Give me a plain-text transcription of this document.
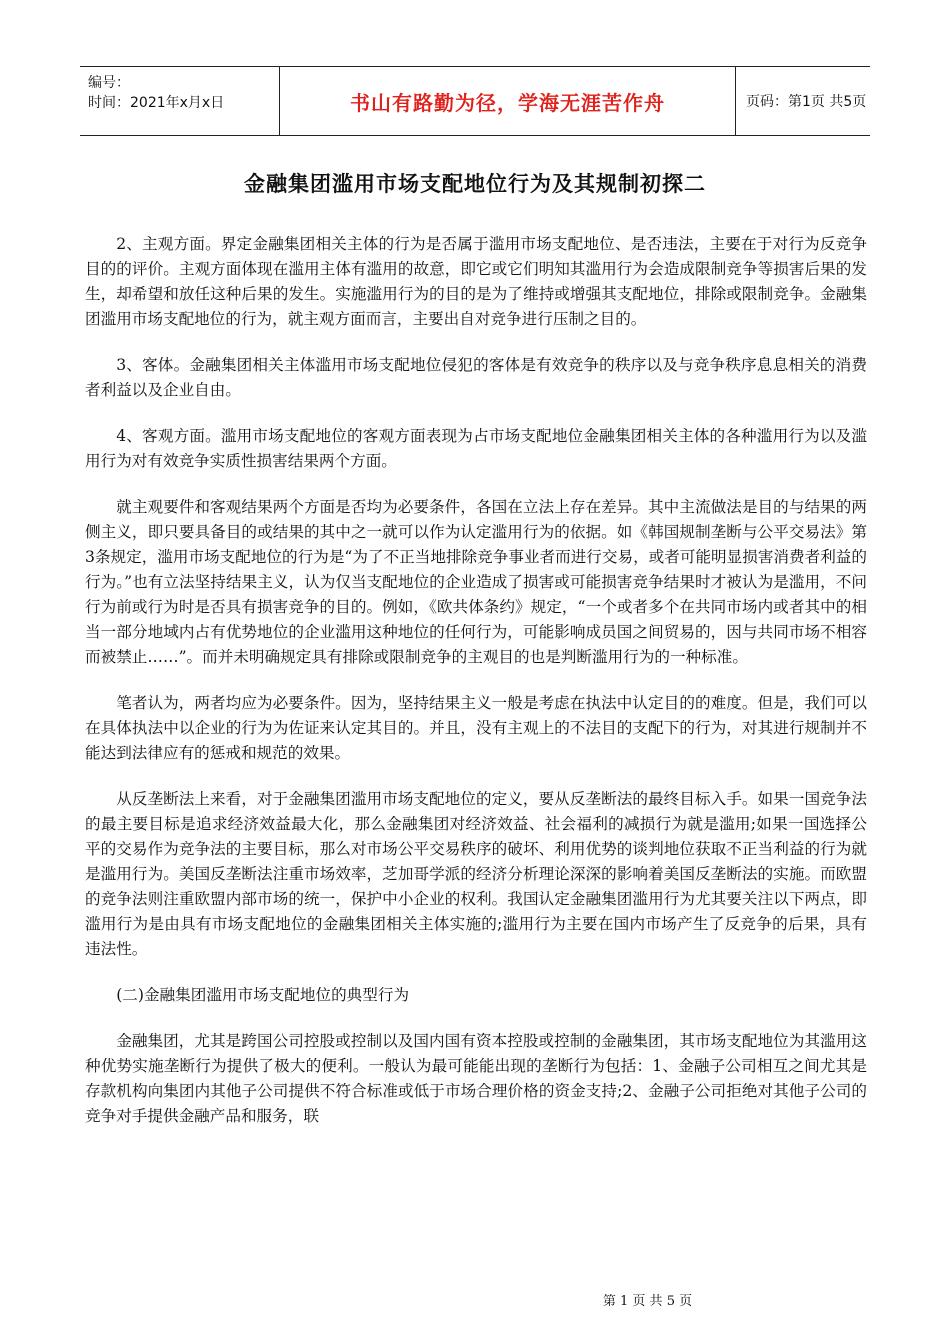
编号：
时间：2021年x月x日	书山有路勤为径，学海无涯苦作舟	页码：第1页 共5页
金融集团滥用市场支配地位行为及其规制初探二

2、主观方面。界定金融集团相关主体的行为是否属于滥用市场支配地位、是否违法，主要在于对行为反竞争目的的评价。主观方面体现在滥用主体有滥用的故意，即它或它们明知其滥用行为会造成限制竞争等损害后果的发生，却希望和放任这种后果的发生。实施滥用行为的目的是为了维持或增强其支配地位，排除或限制竞争。金融集团滥用市场支配地位的行为，就主观方面而言，主要出自对竞争进行压制之目的。

3、客体。金融集团相关主体滥用市场支配地位侵犯的客体是有效竞争的秩序以及与竞争秩序息息相关的消费者利益以及企业自由。

4、客观方面。滥用市场支配地位的客观方面表现为占市场支配地位金融集团相关主体的各种滥用行为以及滥用行为对有效竞争实质性损害结果两个方面。

就主观要件和客观结果两个方面是否均为必要条件，各国在立法上存在差异。其中主流做法是目的与结果的两侧主义，即只要具备目的或结果的其中之一就可以作为认定滥用行为的依据。如《韩国规制垄断与公平交易法》第3条规定，滥用市场支配地位的行为是“为了不正当地排除竞争事业者而进行交易，或者可能明显损害消费者利益的行为。”也有立法坚持结果主义，认为仅当支配地位的企业造成了损害或可能损害竞争结果时才被认为是滥用，不问行为前或行为时是否具有损害竞争的目的。例如，《欧共体条约》规定，“一个或者多个在共同市场内或者其中的相当一部分地域内占有优势地位的企业滥用这种地位的任何行为，可能影响成员国之间贸易的，因与共同市场不相容而被禁止……”。而并未明确规定具有排除或限制竞争的主观目的也是判断滥用行为的一种标准。

笔者认为，两者均应为必要条件。因为，坚持结果主义一般是考虑在执法中认定目的的难度。但是，我们可以在具体执法中以企业的行为为佐证来认定其目的。并且，没有主观上的不法目的支配下的行为，对其进行规制并不能达到法律应有的惩戒和规范的效果。

从反垄断法上来看，对于金融集团滥用市场支配地位的定义，要从反垄断法的最终目标入手。如果一国竞争法的最主要目标是追求经济效益最大化，那么金融集团对经济效益、社会福利的减损行为就是滥用;如果一国选择公平的交易作为竞争法的主要目标，那么对市场公平交易秩序的破坏、利用优势的谈判地位获取不正当利益的行为就是滥用行为。美国反垄断法注重市场效率，芝加哥学派的经济分析理论深深的影响着美国反垄断法的实施。而欧盟的竞争法则注重欧盟内部市场的统一，保护中小企业的权利。我国认定金融集团滥用行为尤其要关注以下两点，即滥用行为是由具有市场支配地位的金融集团相关主体实施的;滥用行为主要在国内市场产生了反竞争的后果，具有违法性。

(二)金融集团滥用市场支配地位的典型行为

金融集团，尤其是跨国公司控股或控制以及国内国有资本控股或控制的金融集团，其市场支配地位为其滥用这种优势实施垄断行为提供了极大的便利。一般认为最可能能出现的垄断行为包括：1、金融子公司相互之间尤其是存款机构向集团内其他子公司提供不符合标准或低于市场合理价格的资金支持;2、金融子公司拒绝对其他子公司的竞争对手提供金融产品和服务，联

第 1 页 共 5 页
